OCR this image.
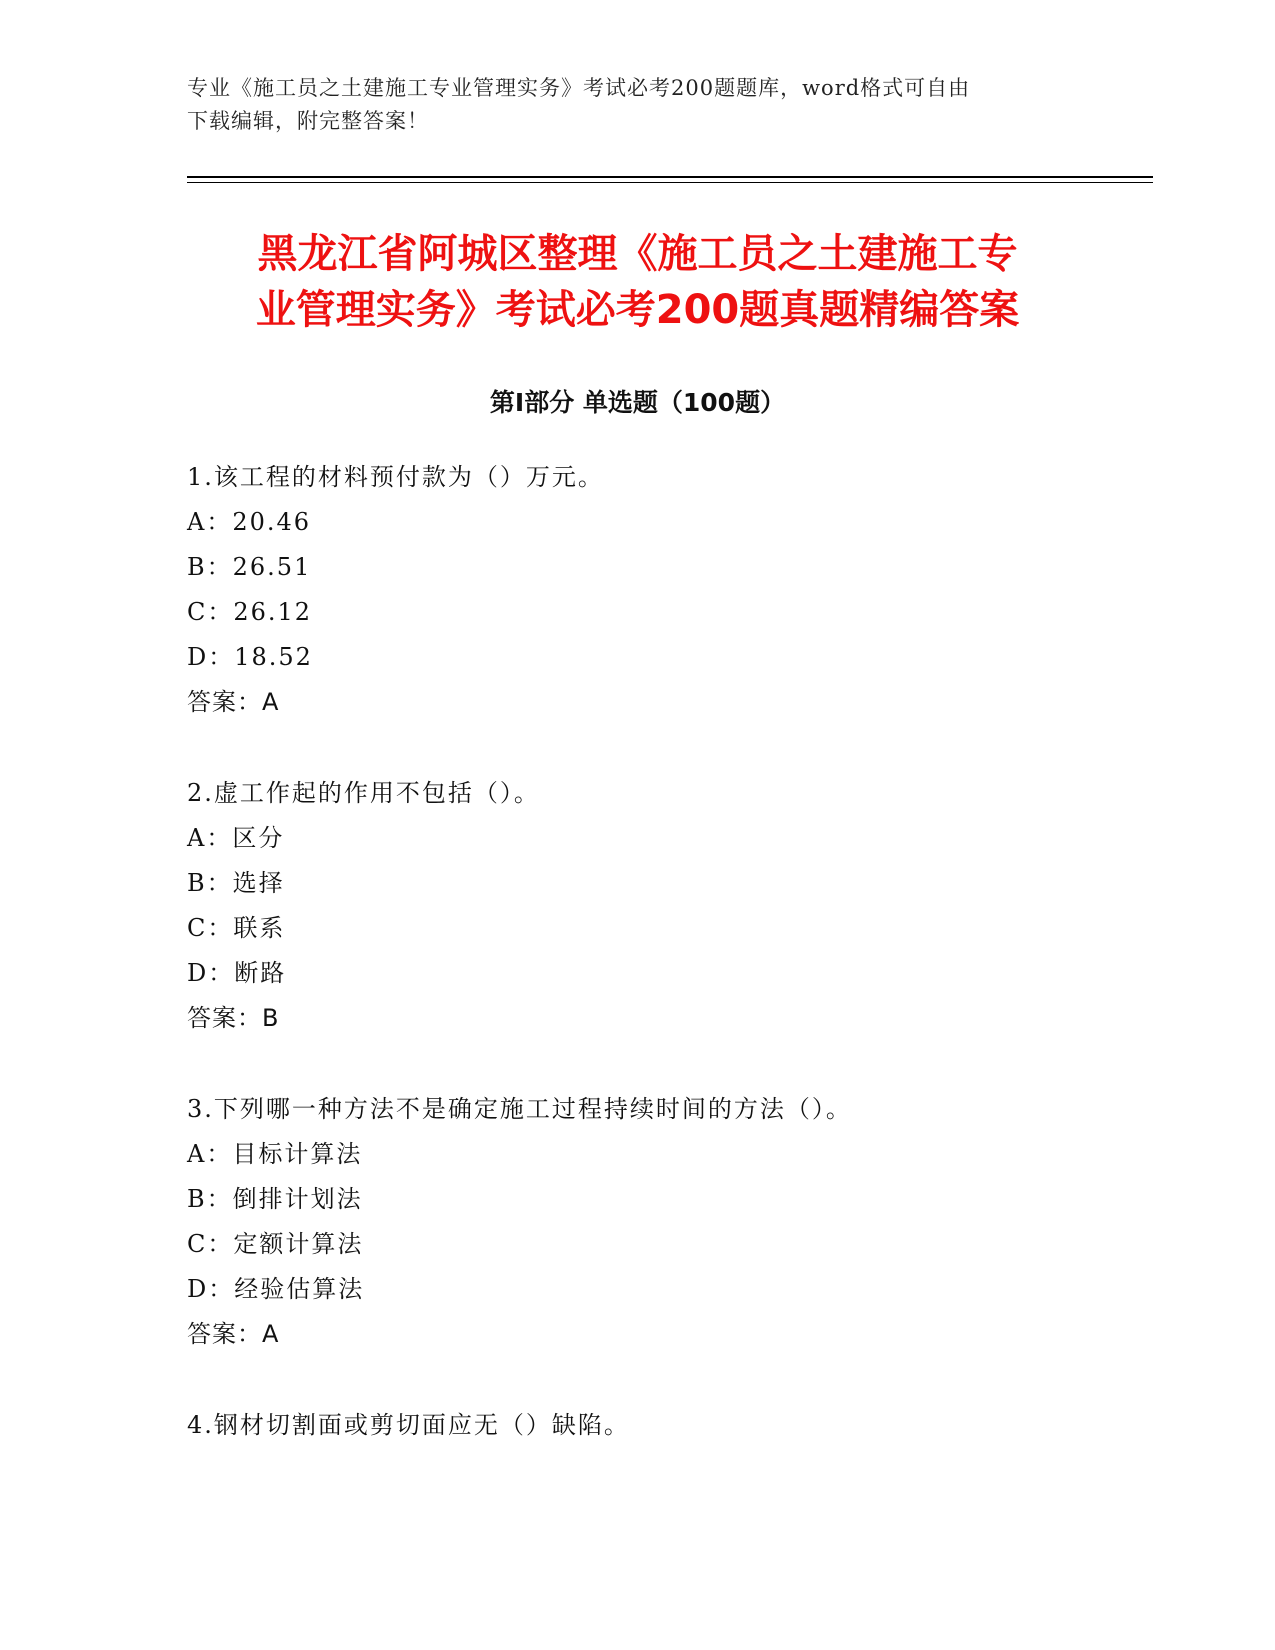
专业《施工员之土建施工专业管理实务》考试必考200题题库，word格式可自由
下载编辑，附完整答案！
黑龙江省阿城区整理《施工员之土建施工专
业管理实务》考试必考200题真题精编答案
第Ⅰ部分 单选题（100题）
1.该工程的材料预付款为（）万元。
A：20.46
B：26.51
C：26.12
D：18.52
答案：A
2.虚工作起的作用不包括（）。
A：区分
B：选择
C：联系
D：断路
答案：B
3.下列哪一种方法不是确定施工过程持续时间的方法（）。
A：目标计算法
B：倒排计划法
C：定额计算法
D：经验估算法
答案：A
4.钢材切割面或剪切面应无（）缺陷。
